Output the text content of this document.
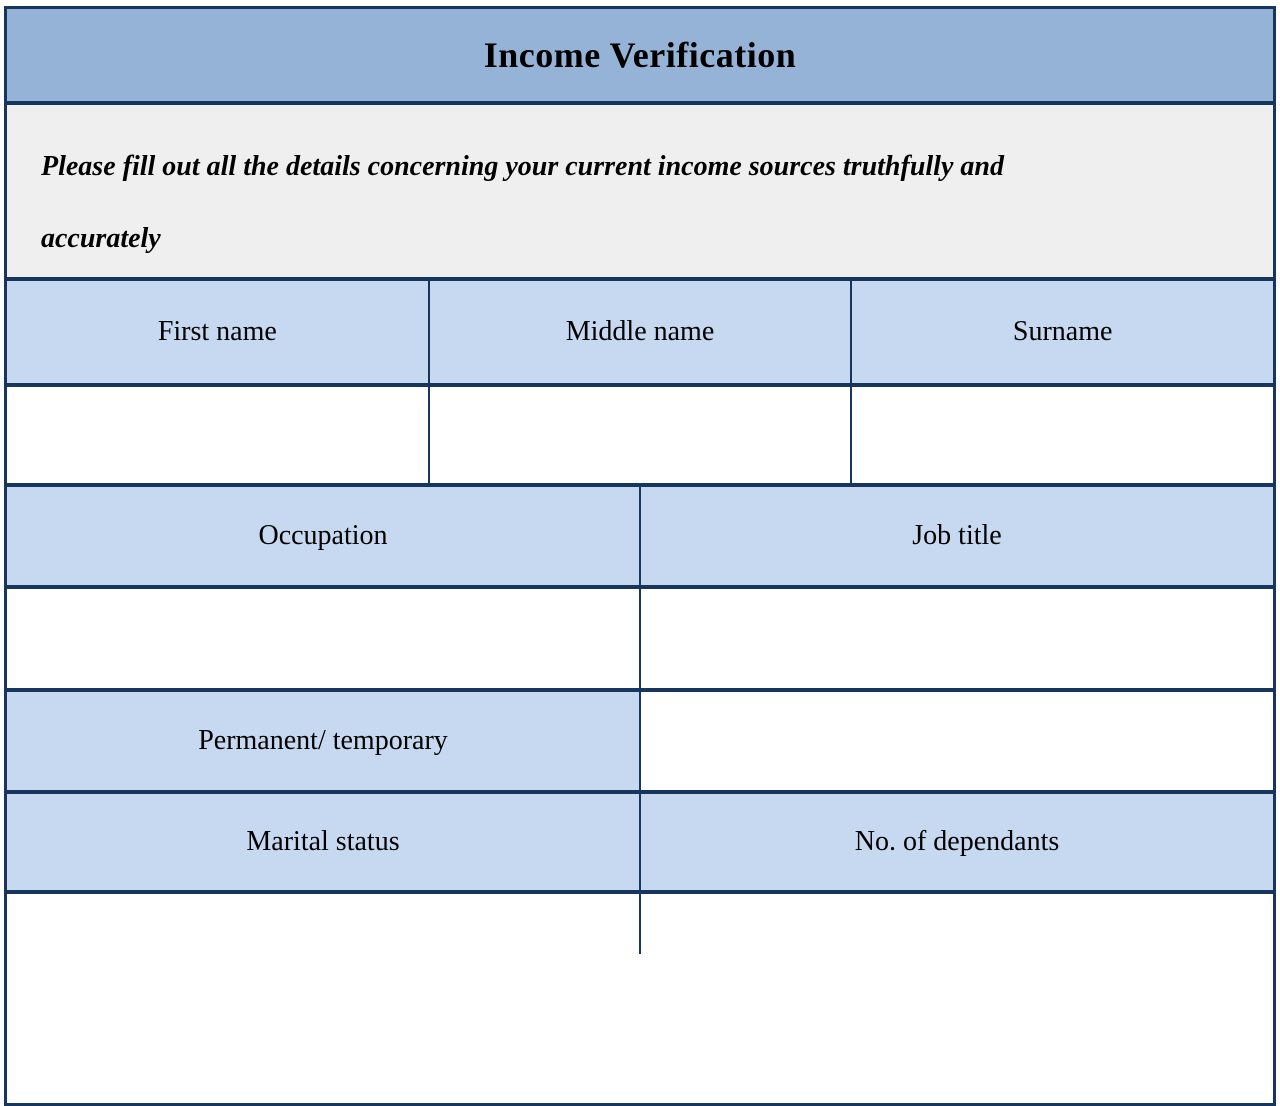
Income Verification
Please fill out all the details concerning your current income sources truthfully and
accurately
First name	Middle name	Surname
Occupation	Job title
Permanent/ temporary
Marital status	No. of dependants
